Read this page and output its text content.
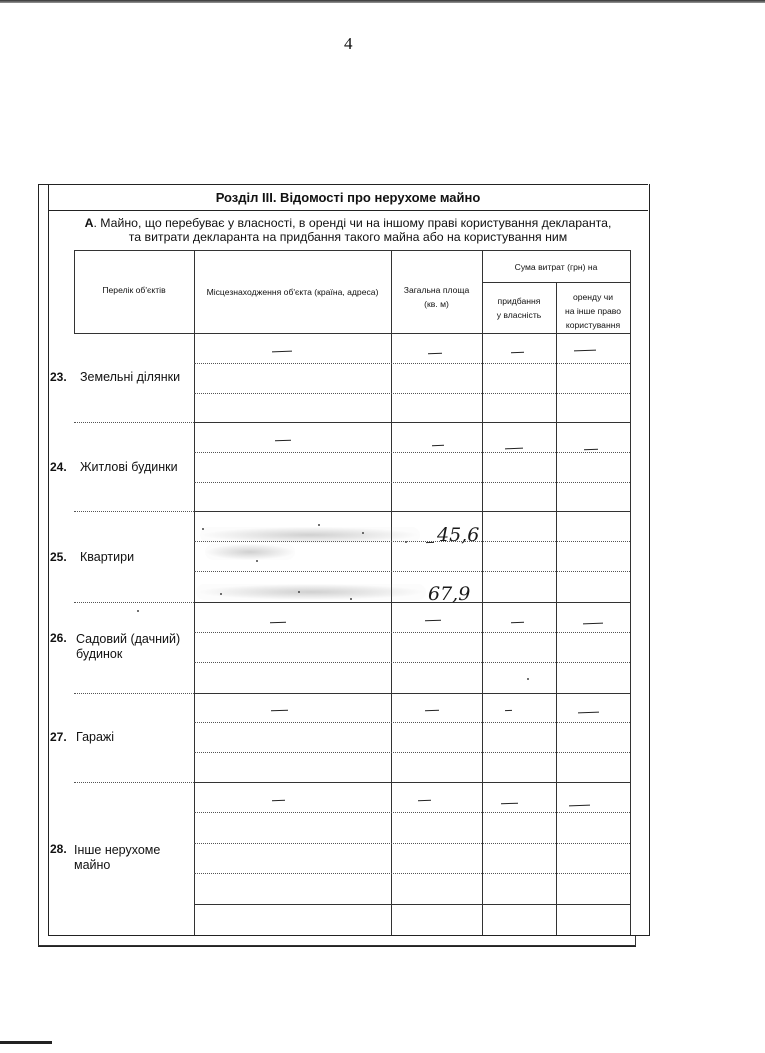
4
Розділ III. Відомості про нерухоме майно
А. Майно, що перебуває у власності, в оренді чи на іншому праві користування декларанта,
та витрати декларанта на придбання такого майна або на користування ним
Перелік об'єктів	Місцезнаходження об'єкта (країна, адреса)	Загальна площа
(кв. м)
Сума витрат (грн) на
придбання
у власність
оренду чи
на інше право
користування
23. Земельні ділянки
24. Житлові будинки
25. Квартири
26. Садовий (дачний)
будинок
27. Гаражі
28. Інше нерухоме
майно
45,6
67,9
